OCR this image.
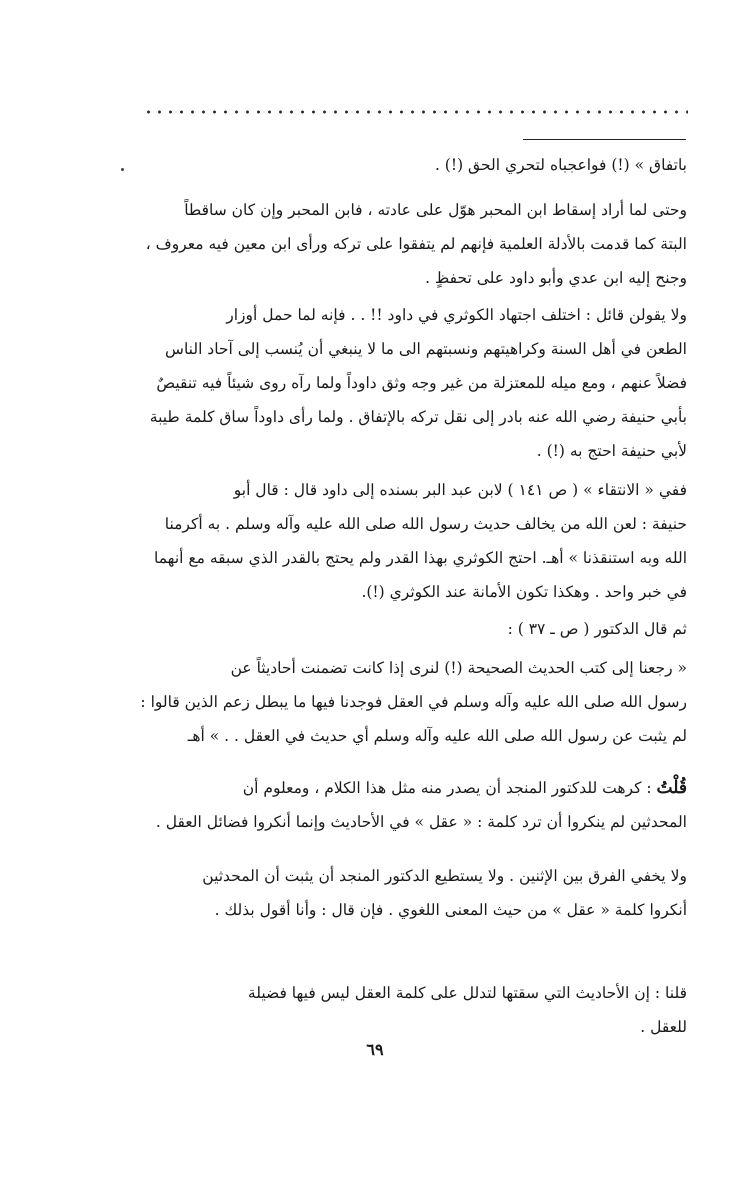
باتفاق » (!) فواعجباه لتحري الحق (!) .
وحتى لما أراد إسقاط ابن المحبر هوّل على عادته ، فابن المحبر وإن كان ساقطاً
البتة كما قدمت بالأدلة العلمية فإنهم لم يتفقوا على تركه ورأى ابن معين فيه معروف ،
وجنح إليه ابن عدي وأبو داود على تحفظٍ .
ولا يقولن قائل : اختلف اجتهاد الكوثري في داود !! . . فإنه لما حمل أوزار
الطعن في أهل السنة وكراهيتهم ونسبتهم الى ما لا ينبغي أن يُنسب إلى آحاد الناس
فضلاً عنهم ، ومع ميله للمعتزلة من غير وجه وثق داوداً ولما رآه روى شيئاً فيه تنقيصٌ
بأبي حنيفة رضي الله عنه بادر إلى نقل تركه بالإتفاق . ولما رأى داوداً ساق كلمة طيبة
لأبي حنيفة احتج به (!) .
ففي « الانتقاء » ( ص ١٤١ ) لابن عبد البر بسنده إلى داود قال : قال أبو
حنيفة : لعن الله من يخالف حديث رسول الله صلى الله عليه وآله وسلم . به أكرمنا
الله وبه استنقذنا » أهـ. احتج الكوثري بهذا القدر ولم يحتج بالقدر الذي سبقه مع أنهما
في خبر واحد . وهكذا تكون الأمانة عند الكوثري (!).
ثم قال الدكتور ( ص ـ ٣٧ ) :
« رجعنا إلى كتب الحديث الصحيحة (!) لنرى إذا كانت تضمنت أحاديثاً عن
رسول الله صلى الله عليه وآله وسلم في العقل فوجدنا فيها ما يبطل زعم الذين قالوا :
لم يثبت عن رسول الله صلى الله عليه وآله وسلم أي حديث في العقل . . » أهـ
قُلْتُ : كرهت للدكتور المنجد أن يصدر منه مثل هذا الكلام ، ومعلوم أن
المحدثين لم ينكروا أن ترد كلمة : « عقل » في الأحاديث وإنما أنكروا فضائل العقل .
ولا يخفي الفرق بين الإثنين . ولا يستطيع الدكتور المنجد أن يثبت أن المحدثين
أنكروا كلمة « عقل » من حيث المعنى اللغوي . فإن قال : وأنا أقول بذلك .
قلنا : إن الأحاديث التي سقتها لتدلل على كلمة العقل ليس فيها فضيلة
للعقل .
٦٩
